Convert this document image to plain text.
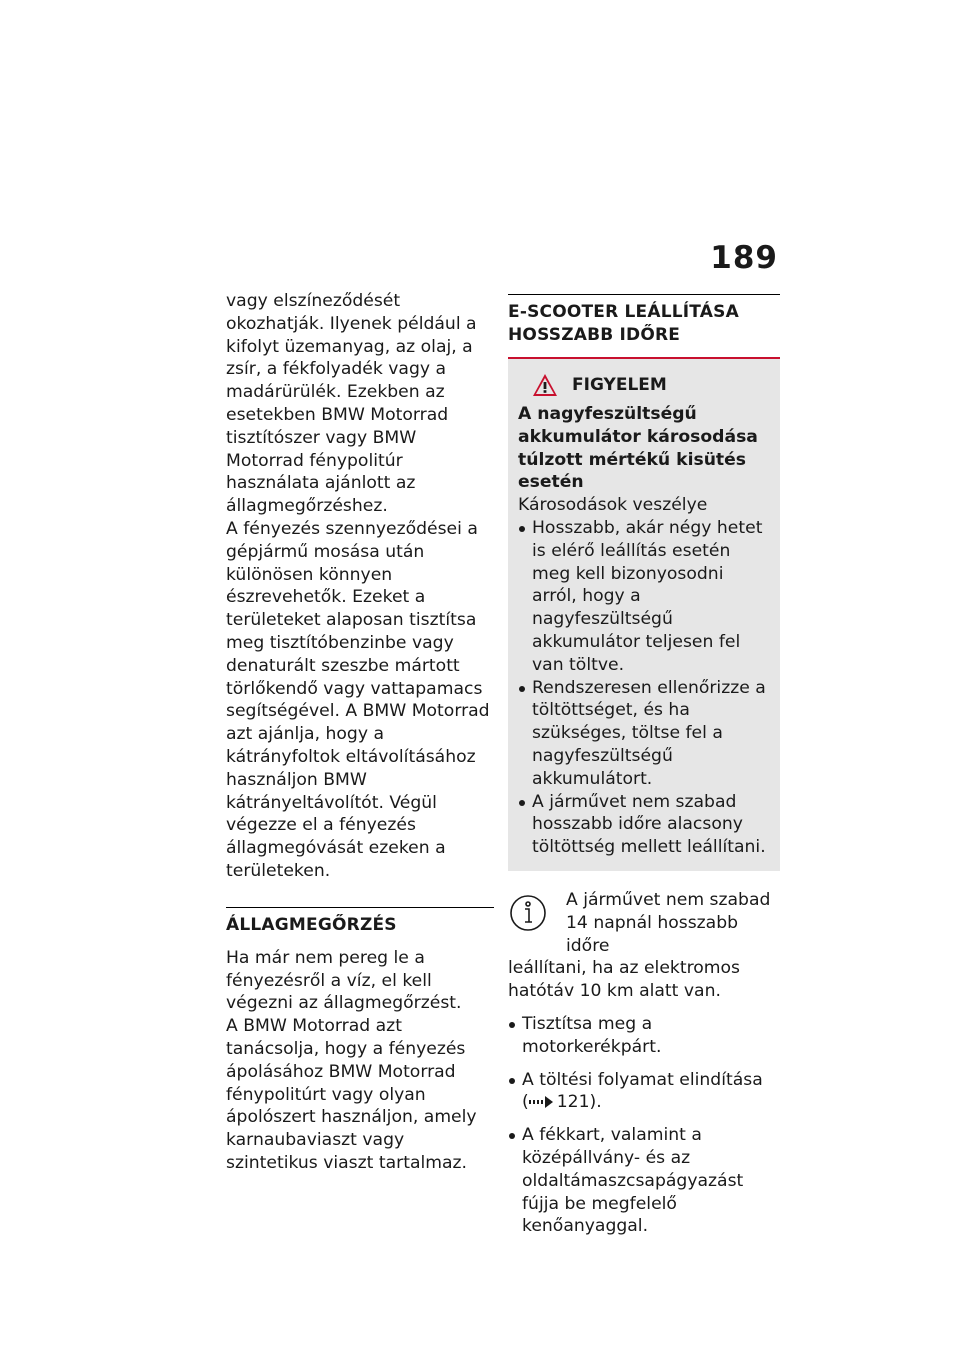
189

vagy elszíneződését okozhatják. Ilyenek például a kifolyt üzemanyag, az olaj, a zsír, a fékfolyadék vagy a madárürülék. Ezekben az esetekben BMW Motorrad tisztítószer vagy BMW Motorrad fénypolitúr használata ajánlott az állagmegőrzéshez.

A fényezés szennyeződései a gépjármű mosása után különösen könnyen észrevehetők. Ezeket a területeket alaposan tisztítsa meg tisztítóbenzinbe vagy denaturált szeszbe mártott törlőkendő vagy vattapamacs segítségével. A BMW Motorrad azt ajánlja, hogy a kátrányfoltok eltávolításához használjon BMW kátrányeltávolítót. Végül végezze el a fényezés állagmegóvását ezeken a területeken.

ÁLLAGMEGŐRZÉS

Ha már nem pereg le a fényezésről a víz, el kell végezni az állagmegőrzést.

A BMW Motorrad azt tanácsolja, hogy a fényezés ápolásához BMW Motorrad fénypolitúrt vagy olyan ápolószert használjon, amely karnaubaviaszt vagy szintetikus viaszt tartalmaz.

E-SCOOTER LEÁLLÍTÁSA HOSSZABB IDŐRE
FIGYELEM

A nagyfeszültségű akkumulátor károsodása túlzott mértékű kisütés esetén

Károsodások veszélye

Hosszabb, akár négy hetet is elérő leállítás esetén meg kell bizonyosodni arról, hogy a nagyfeszültségű akkumulátor teljesen fel van töltve.
Rendszeresen ellenőrizze a töltöttséget, és ha szükséges, töltse fel a nagyfeszültségű akkumulátort.
A járművet nem szabad hosszabb időre alacsony töltöttség mellett leállítani.

A járművet nem szabad

14 napnál hosszabb időre

leállítani, ha az elektromos hatótáv 10 km alatt van.

Tisztítsa meg a motorkerékpárt.
A töltési folyamat elindítása
( 121).
A fékkart, valamint a középállvány- és az oldaltámaszcsapágyazást fújja be megfelelő kenőanyaggal.
